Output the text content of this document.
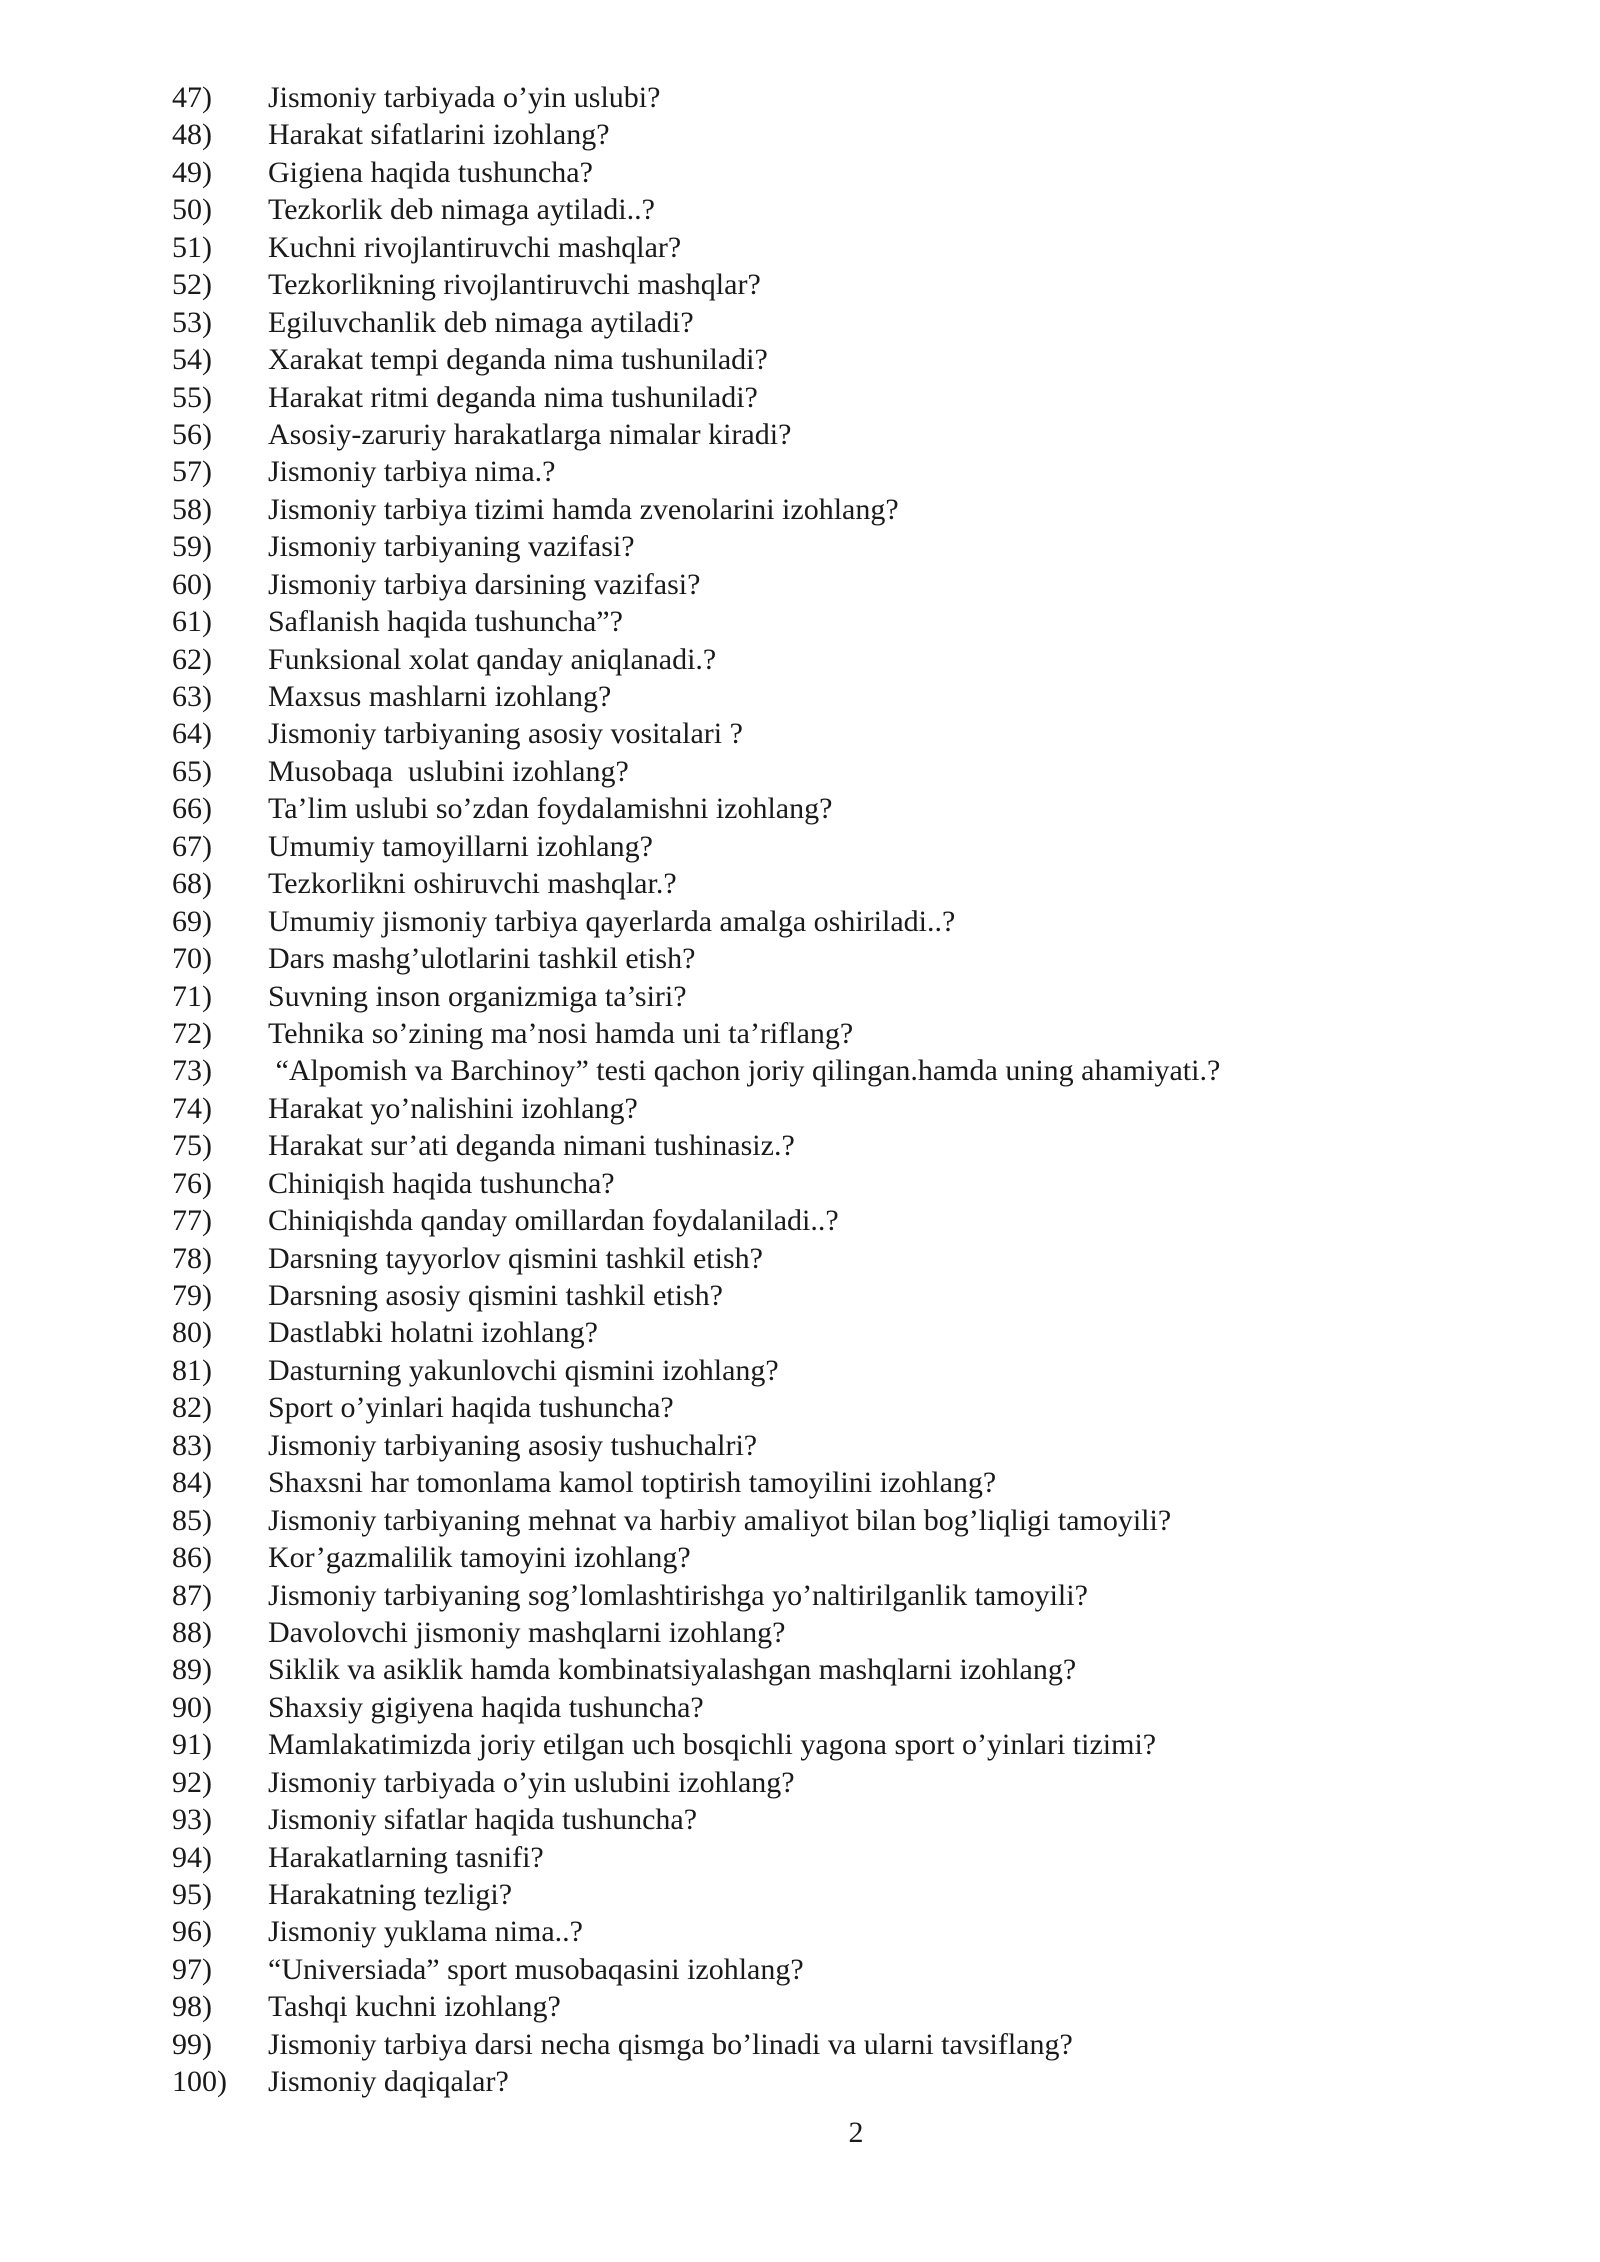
47)	Jismoniy tarbiyada o’yin uslubi?
48)	Harakat sifatlarini izohlang?
49)	Gigiena haqida tushuncha?
50)	Tezkorlik deb nimaga aytiladi..?
51)	Kuchni rivojlantiruvchi mashqlar?
52)	Tezkorlikning rivojlantiruvchi mashqlar?
53)	Egiluvchanlik deb nimaga aytiladi?
54)	Xarakat tempi deganda nima tushuniladi?
55)	Harakat ritmi deganda nima tushuniladi?
56)	Asosiy-zaruriy harakatlarga nimalar kiradi?
57)	Jismoniy tarbiya nima.?
58)	Jismoniy tarbiya tizimi hamda zvenolarini izohlang?
59)	Jismoniy tarbiyaning vazifasi?
60)	Jismoniy tarbiya darsining vazifasi?
61)	Saflanish haqida tushuncha”?
62)	Funksional xolat qanday aniqlanadi.?
63)	Maxsus mashlarni izohlang?
64)	Jismoniy tarbiyaning asosiy vositalari ?
65)	Musobaqa  uslubini izohlang?
66)	Ta’lim uslubi so’zdan foydalamishni izohlang?
67)	Umumiy tamoyillarni izohlang?
68)	Tezkorlikni oshiruvchi mashqlar.?
69)	Umumiy jismoniy tarbiya qayerlarda amalga oshiriladi..?
70)	Dars mashg’ulotlarini tashkil etish?
71)	Suvning inson organizmiga ta’siri?
72)	Tehnika so’zining ma’nosi hamda uni ta’riflang?
73)	“Alpomish va Barchinoy” testi qachon joriy qilingan.hamda uning ahamiyati.?
74)	Harakat yo’nalishini izohlang?
75)	Harakat sur’ati deganda nimani tushinasiz.?
76)	Chiniqish haqida tushuncha?
77)	Chiniqishda qanday omillardan foydalaniladi..?
78)	Darsning tayyorlov qismini tashkil etish?
79)	Darsning asosiy qismini tashkil etish?
80)	Dastlabki holatni izohlang?
81)	Dasturning yakunlovchi qismini izohlang?
82)	Sport o’yinlari haqida tushuncha?
83)	Jismoniy tarbiyaning asosiy tushuchalri?
84)	Shaxsni har tomonlama kamol toptirish tamoyilini izohlang?
85)	Jismoniy tarbiyaning mehnat va harbiy amaliyot bilan bog’liqligi tamoyili?
86)	Kor’gazmalilik tamoyini izohlang?
87)	Jismoniy tarbiyaning sog’lomlashtirishga yo’naltirilganlik tamoyili?
88)	Davolovchi jismoniy mashqlarni izohlang?
89)	Siklik va asiklik hamda kombinatsiyalashgan mashqlarni izohlang?
90)	Shaxsiy gigiyena haqida tushuncha?
91)	Mamlakatimizda joriy etilgan uch bosqichli yagona sport o’yinlari tizimi?
92)	Jismoniy tarbiyada o’yin uslubini izohlang?
93)	Jismoniy sifatlar haqida tushuncha?
94)	Harakatlarning tasnifi?
95)	Harakatning tezligi?
96)	Jismoniy yuklama nima..?
97)	“Universiada” sport musobaqasini izohlang?
98)	Tashqi kuchni izohlang?
99)	Jismoniy tarbiya darsi necha qismga bo’linadi va ularni tavsiflang?
100)	Jismoniy daqiqalar?
2
